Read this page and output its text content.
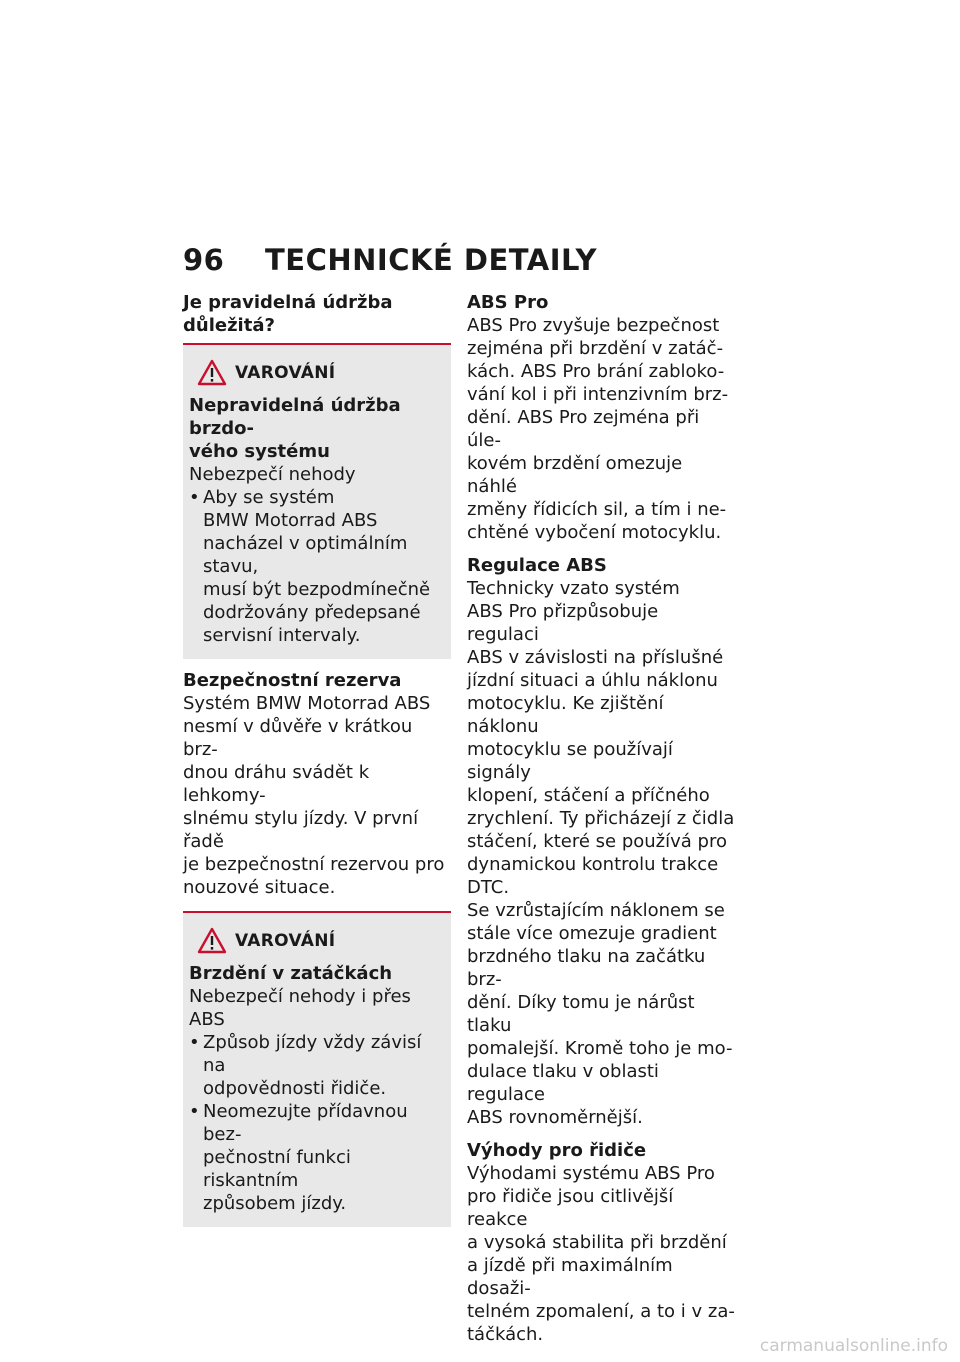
96 TECHNICKÉ DETAILY
Je pravidelná údržba důležitá?
VAROVÁNÍ
Nepravidelná údržba brzdo-
vého systému
Nebezpečí nehody
• Aby se systém
BMW Motorrad ABS
nacházel v optimálním stavu,
musí být bezpodmínečně
dodržovány předepsané
servisní intervaly.
Bezpečnostní rezerva
Systém BMW Motorrad ABS
nesmí v důvěře v krátkou brz-
dnou dráhu svádět k lehkomy-
slnému stylu jízdy. V první řadě
je bezpečnostní rezervou pro
nouzové situace.
VAROVÁNÍ
Brzdění v zatáčkách
Nebezpečí nehody i přes ABS
• Způsob jízdy vždy závisí na
odpovědnosti řidiče.
• Neomezujte přídavnou bez-
pečnostní funkci riskantním
způsobem jízdy.
ABS Pro
ABS Pro zvyšuje bezpečnost
zejména při brzdění v zatáč-
kách. ABS Pro brání zabloko-
vání kol i při intenzivním brz-
dění. ABS Pro zejména při úle-
kovém brzdění omezuje náhlé
změny řídicích sil, a tím i ne-
chtěné vybočení motocyklu.
Regulace ABS
Technicky vzato systém
ABS Pro přizpůsobuje regulaci
ABS v závislosti na příslušné
jízdní situaci a úhlu náklonu
motocyklu. Ke zjištění náklonu
motocyklu se používají signály
klopení, stáčení a příčného
zrychlení. Ty přicházejí z čidla
stáčení, které se používá pro
dynamickou kontrolu trakce
DTC.
Se vzrůstajícím náklonem se
stále více omezuje gradient
brzdného tlaku na začátku brz-
dění. Díky tomu je nárůst tlaku
pomalejší. Kromě toho je mo-
dulace tlaku v oblasti regulace
ABS rovnoměrnější.
Výhody pro řidiče
Výhodami systému ABS Pro
pro řidiče jsou citlivější reakce
a vysoká stabilita při brzdění
a jízdě při maximálním dosaži-
telném zpomalení, a to i v za-
táčkách.
carmanualsonline.info
